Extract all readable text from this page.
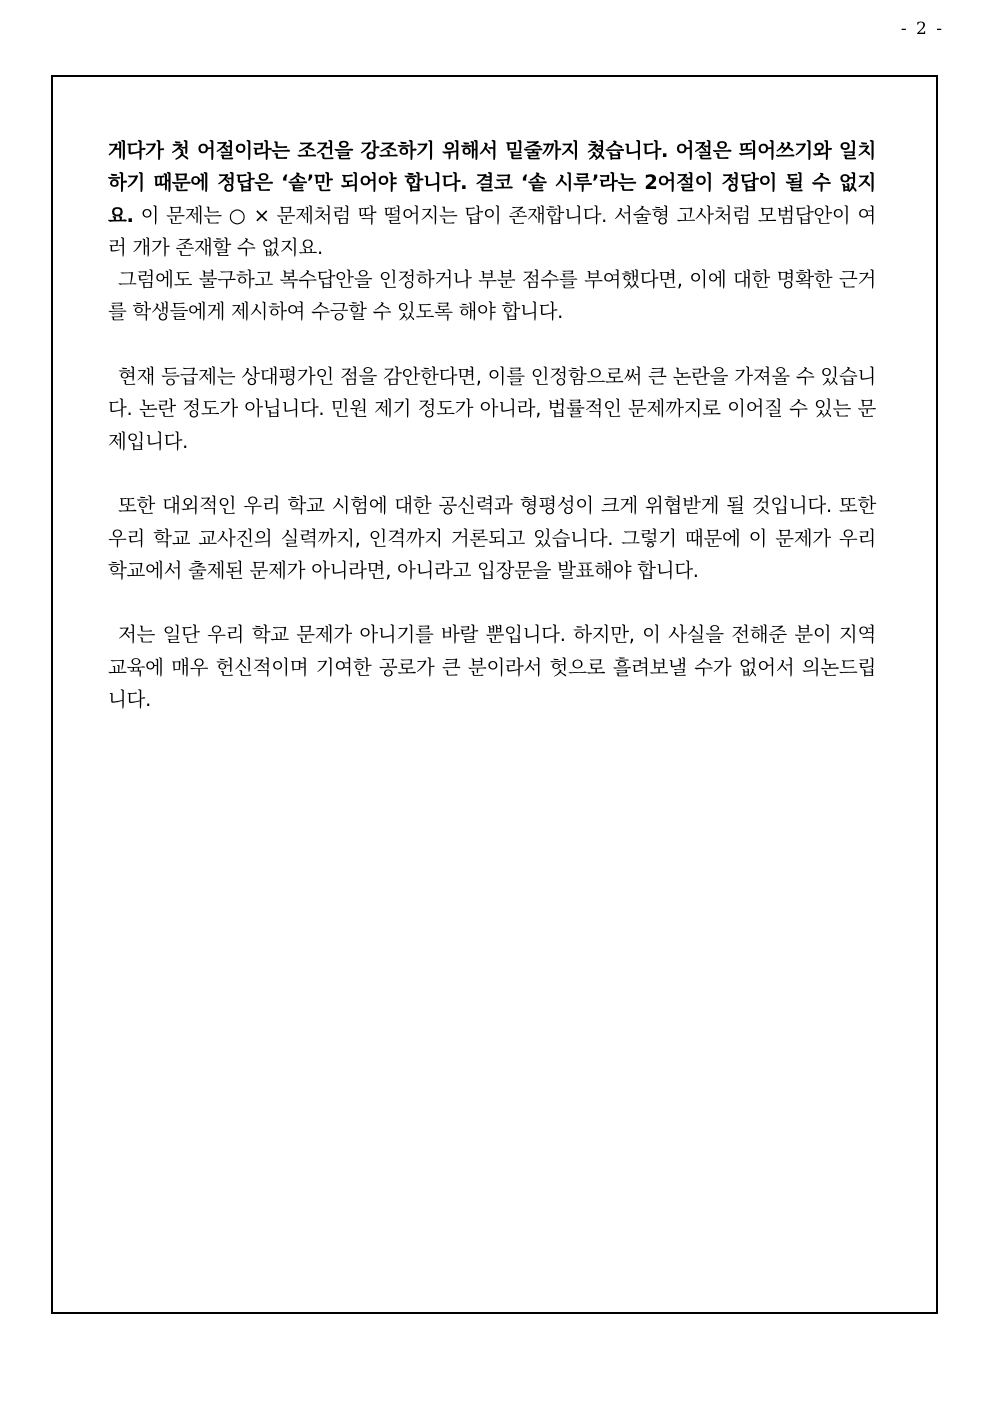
- 2 -

게다가 첫 어절이라는 조건을 강조하기 위해서 밑줄까지 쳤습니다. 어절은 띄어쓰기와 일치하기 때문에 정답은 ‘솥’만 되어야 합니다. 결코 ‘솥 시루’라는 2어절이 정답이 될 수 없지요. 이 문제는 ○ × 문제처럼 딱 떨어지는 답이 존재합니다. 서술형 고사처럼 모범답안이 여러 개가 존재할 수 없지요.

그럼에도 불구하고 복수답안을 인정하거나 부분 점수를 부여했다면, 이에 대한 명확한 근거를 학생들에게 제시하여 수긍할 수 있도록 해야 합니다.

현재 등급제는 상대평가인 점을 감안한다면, 이를 인정함으로써 큰 논란을 가져올 수 있습니다. 논란 정도가 아닙니다. 민원 제기 정도가 아니라, 법률적인 문제까지로 이어질 수 있는 문제입니다.

또한 대외적인 우리 학교 시험에 대한 공신력과 형평성이 크게 위협받게 될 것입니다. 또한 우리 학교 교사진의 실력까지, 인격까지 거론되고 있습니다. 그렇기 때문에 이 문제가 우리 학교에서 출제된 문제가 아니라면, 아니라고 입장문을 발표해야 합니다.

저는 일단 우리 학교 문제가 아니기를 바랄 뿐입니다. 하지만, 이 사실을 전해준 분이 지역 교육에 매우 헌신적이며 기여한 공로가 큰 분이라서 헛으로 흘려보낼 수가 없어서 의논드립니다.
